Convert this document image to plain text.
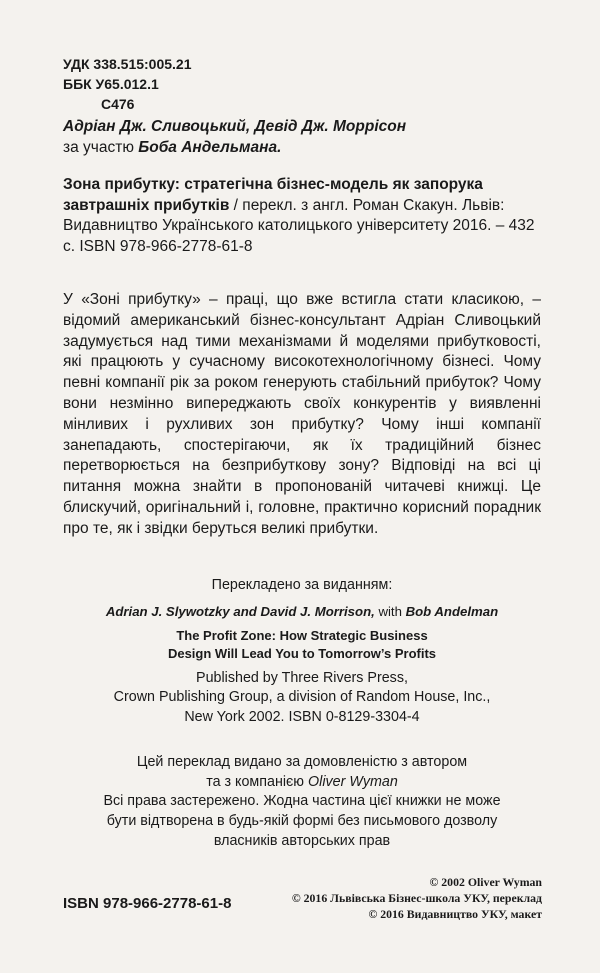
УДК 338.515:005.21
ББК У65.012.1
С476
Адріан Дж. Сливоцький, Девід Дж. Моррісон
за участю Боба Андельмана.
Зона прибутку: стратегічна бізнес-модель як запорука завтрашніх прибутків / перекл. з англ. Роман Скакун. Львів: Видавництво Українського католицького університету 2016. – 432 с. ISBN 978-966-2778-61-8

У «Зоні прибутку» – праці, що вже встигла стати класикою, – відомий американський бізнес-консультант Адріан Сливоцький задумується над тими механізмами й моделями прибутковості, які працюють у сучасному високотехнологічному бізнесі. Чому певні компанії рік за роком генерують стабільний прибуток? Чому вони незмінно випереджають своїх конкурентів у виявленні мінливих і рухливих зон прибутку? Чому інші компанії занепадають, спостерігаючи, як їх традиційний бізнес перетворюється на безприбуткову зону? Відповіді на всі ці питання можна знайти в пропонованій читачеві книжці. Це блискучий, оригінальний і, головне, практично корисний порадник про те, як і звідки беруться великі прибутки.

Перекладено за виданням:
Adrian J. Slywotzky and David J. Morrison, with Bob Andelman
The Profit Zone: How Strategic Business
Design Will Lead You to Tomorrow’s Profits
Published by Three Rivers Press,
Crown Publishing Group, a division of Random House, Inc.,
New York 2002. ISBN 0-8129-3304-4
Цей переклад видано за домовленістю з автором
та з компанією Oliver Wyman
Всі права застережено. Жодна частина цієї книжки не може
бути відтворена в будь-якій формі без письмового дозволу
власників авторських прав
© 2002 Oliver Wyman
© 2016 Львівська Бізнес-школа УКУ, переклад
© 2016 Видавництво УКУ, макет
ISBN 978-966-2778-61-8
